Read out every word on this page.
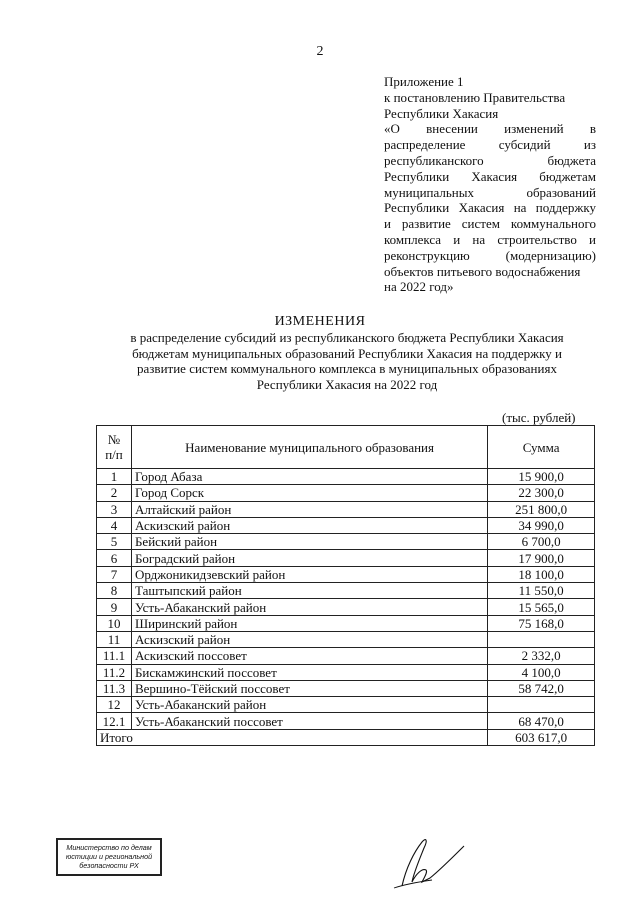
2
Приложение 1
к постановлению Правительства
Республики Хакасия
«О внесении изменений в
распределение субсидий из
республиканского бюджета
Республики Хакасия бюджетам
муниципальных образований
Республики Хакасия на поддержку
и развитие систем коммунального
комплекса и на строительство и
реконструкцию (модернизацию)
объектов питьевого водоснабжения
на 2022 год»
ИЗМЕНЕНИЯ
в распределение субсидий из республиканского бюджета Республики Хакасия
бюджетам муниципальных образований Республики Хакасия на поддержку и
развитие систем коммунального комплекса в муниципальных образованиях
Республики Хакасия на 2022 год
(тыс. рублей)
№
п/п	Наименование муниципального образования	Сумма
1	Город Абаза	15 900,0
2	Город Сорск	22 300,0
3	Алтайский район	251 800,0
4	Аскизский район	34 990,0
5	Бейский район	6 700,0
6	Боградский район	17 900,0
7	Орджоникидзевский район	18 100,0
8	Таштыпский район	11 550,0
9	Усть-Абаканский район	15 565,0
10	Ширинский район	75 168,0
11	Аскизский район	
11.1	Аскизский поссовет	2 332,0
11.2	Бискамжинский поссовет	4 100,0
11.3	Вершино-Тёйский поссовет	58 742,0
12	Усть-Абаканский район	
12.1	Усть-Абаканский поссовет	68 470,0
Итого		603 617,0
Министерство по делам
юстиции и региональной
безопасности РХ
